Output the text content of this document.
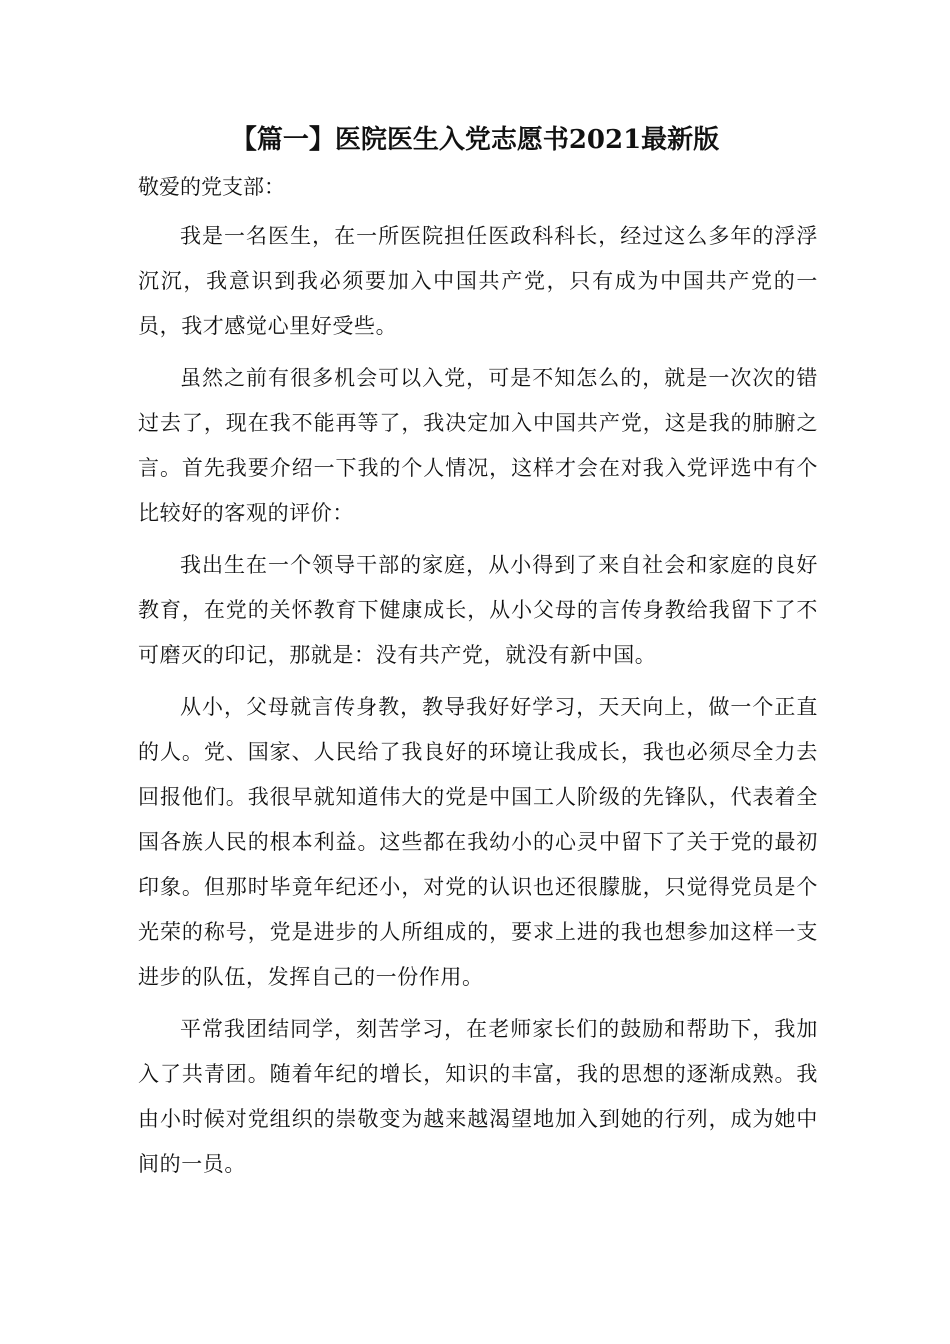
【篇一】医院医生入党志愿书2021最新版

敬爱的党支部：

我是一名医生，在一所医院担任医政科科长，经过这么多年的浮浮沉沉，我意识到我必须要加入中国共产党，只有成为中国共产党的一员，我才感觉心里好受些。

虽然之前有很多机会可以入党，可是不知怎么的，就是一次次的错过去了，现在我不能再等了，我决定加入中国共产党，这是我的肺腑之言。首先我要介绍一下我的个人情况，这样才会在对我入党评选中有个比较好的客观的评价：

我出生在一个领导干部的家庭，从小得到了来自社会和家庭的良好教育，在党的关怀教育下健康成长，从小父母的言传身教给我留下了不可磨灭的印记，那就是：没有共产党，就没有新中国。

从小，父母就言传身教，教导我好好学习，天天向上，做一个正直的人。党、国家、人民给了我良好的环境让我成长，我也必须尽全力去回报他们。我很早就知道伟大的党是中国工人阶级的先锋队，代表着全国各族人民的根本利益。这些都在我幼小的心灵中留下了关于党的最初印象。但那时毕竟年纪还小，对党的认识也还很朦胧，只觉得党员是个光荣的称号，党是进步的人所组成的，要求上进的我也想参加这样一支进步的队伍，发挥自己的一份作用。

平常我团结同学，刻苦学习，在老师家长们的鼓励和帮助下，我加入了共青团。随着年纪的增长，知识的丰富，我的思想的逐渐成熟。我由小时候对党组织的崇敬变为越来越渴望地加入到她的行列，成为她中间的一员。
